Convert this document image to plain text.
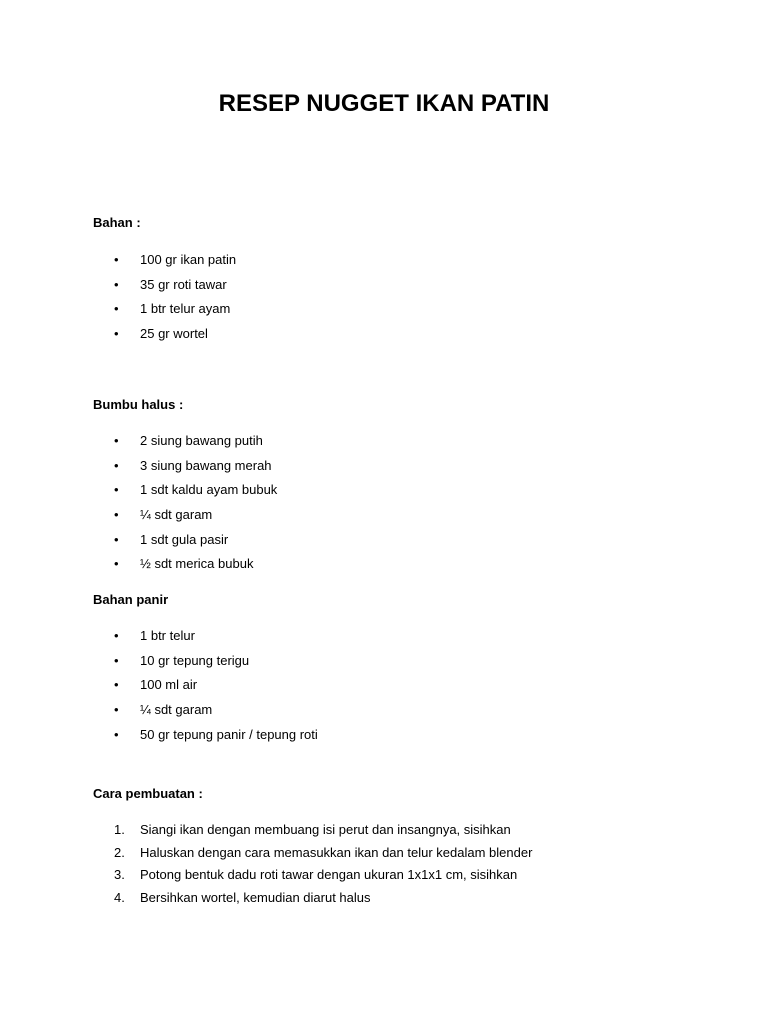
RESEP NUGGET IKAN PATIN

Bahan :

•	100 gr ikan patin
•	35 gr roti tawar
•	1 btr telur ayam
•	25 gr wortel

Bumbu halus :

•	2 siung bawang putih
•	3 siung bawang merah
•	1 sdt kaldu ayam bubuk
•	¼ sdt garam
•	1 sdt gula pasir
•	½ sdt merica bubuk

Bahan panir

•	1 btr telur
•	10 gr tepung terigu
•	100 ml air
•	¼ sdt garam
•	50 gr tepung panir / tepung roti

Cara pembuatan :

1.	Siangi ikan dengan membuang isi perut dan insangnya, sisihkan
2.	Haluskan dengan cara memasukkan ikan dan telur kedalam blender
3.	Potong bentuk dadu roti tawar dengan ukuran 1x1x1 cm, sisihkan
4.	Bersihkan wortel, kemudian diarut halus
